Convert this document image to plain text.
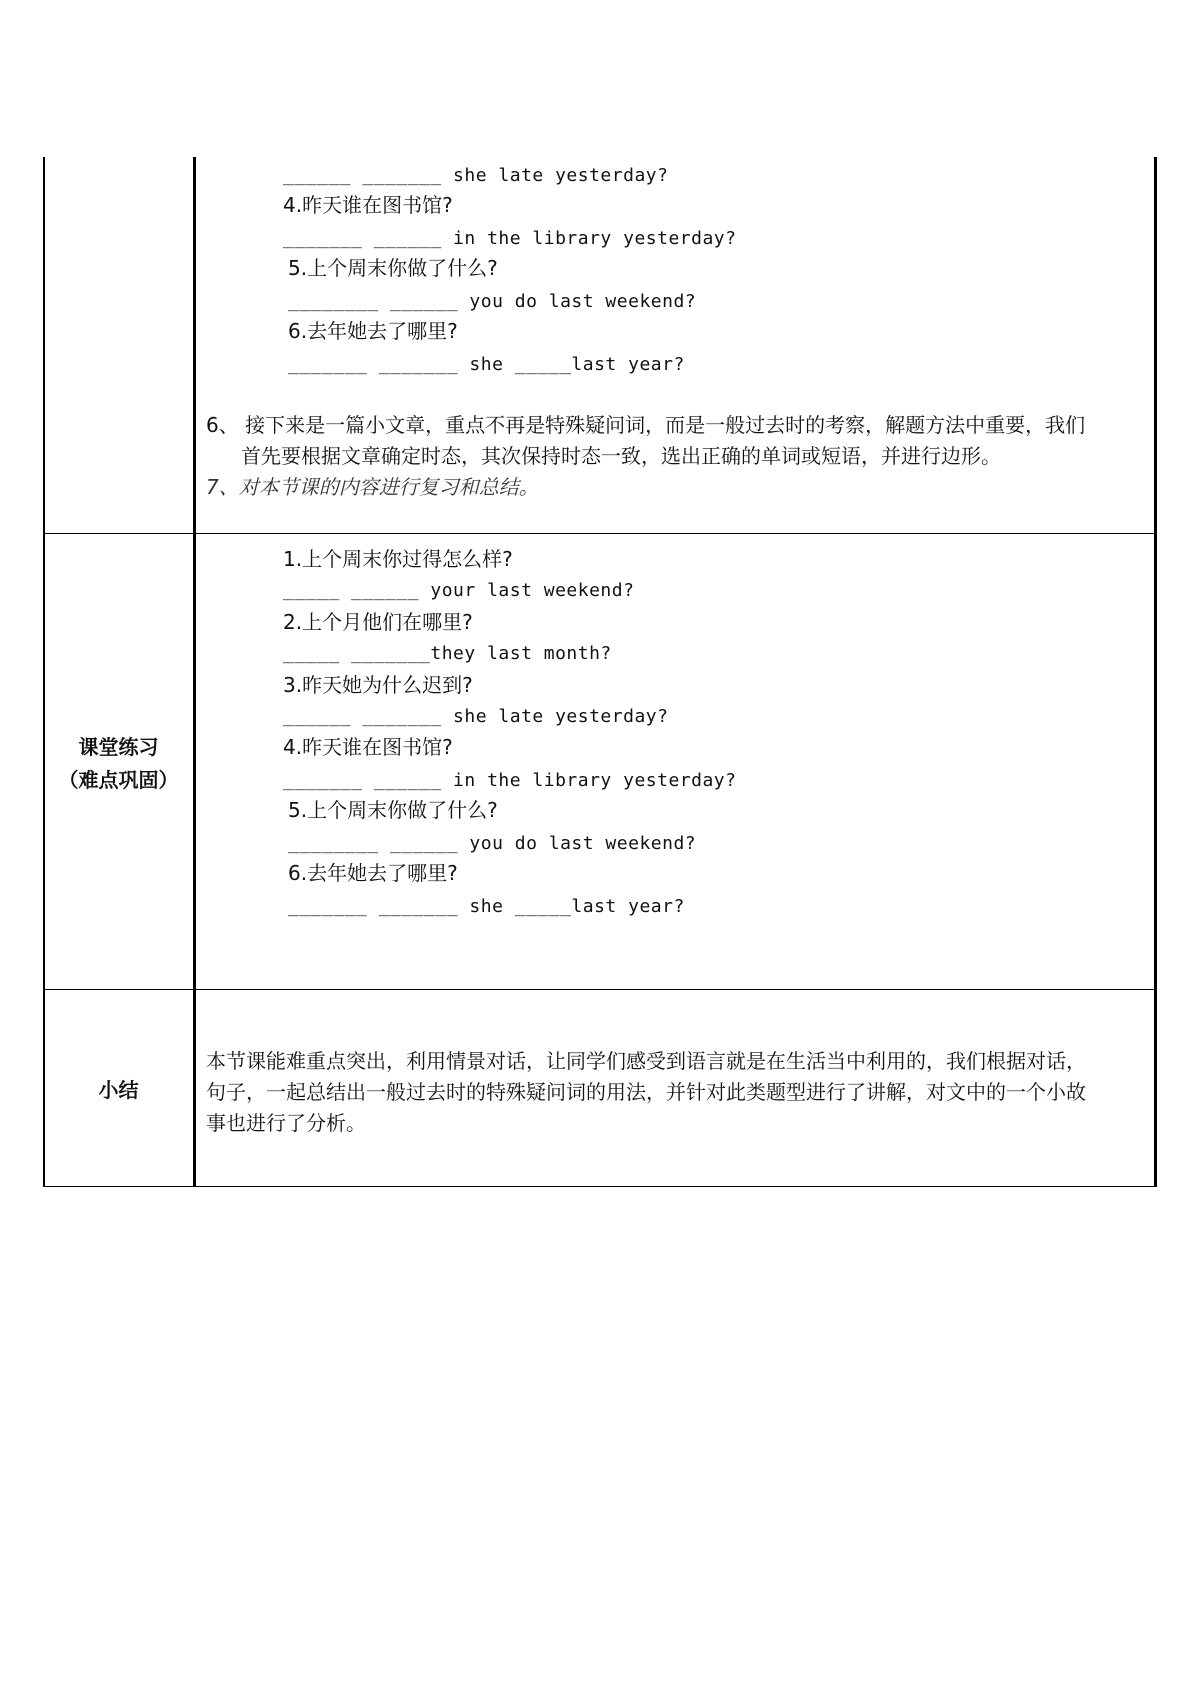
______ _______ she late yesterday?
4.昨天谁在图书馆?
_______ ______ in the library yesterday?
5.上个周末你做了什么?
________ ______ you do last weekend?
6.去年她去了哪里?
_______ _______ she _____last year?
6、 接下来是一篇小文章，重点不再是特殊疑问词，而是一般过去时的考察，解题方法中重要，我们
首先要根据文章确定时态，其次保持时态一致，选出正确的单词或短语，并进行边形。
7、对本节课的内容进行复习和总结。
课堂练习
（难点巩固）
1.上个周末你过得怎么样?
_____ ______ your last weekend?
2.上个月他们在哪里?
_____ _______they last month?
3.昨天她为什么迟到?
______ _______ she late yesterday?
4.昨天谁在图书馆?
_______ ______ in the library yesterday?
5.上个周末你做了什么?
________ ______ you do last weekend?
6.去年她去了哪里?
_______ _______ she _____last year?
小结
本节课能难重点突出，利用情景对话，让同学们感受到语言就是在生活当中利用的，我们根据对话，
句子，一起总结出一般过去时的特殊疑问词的用法，并针对此类题型进行了讲解，对文中的一个小故
事也进行了分析。
